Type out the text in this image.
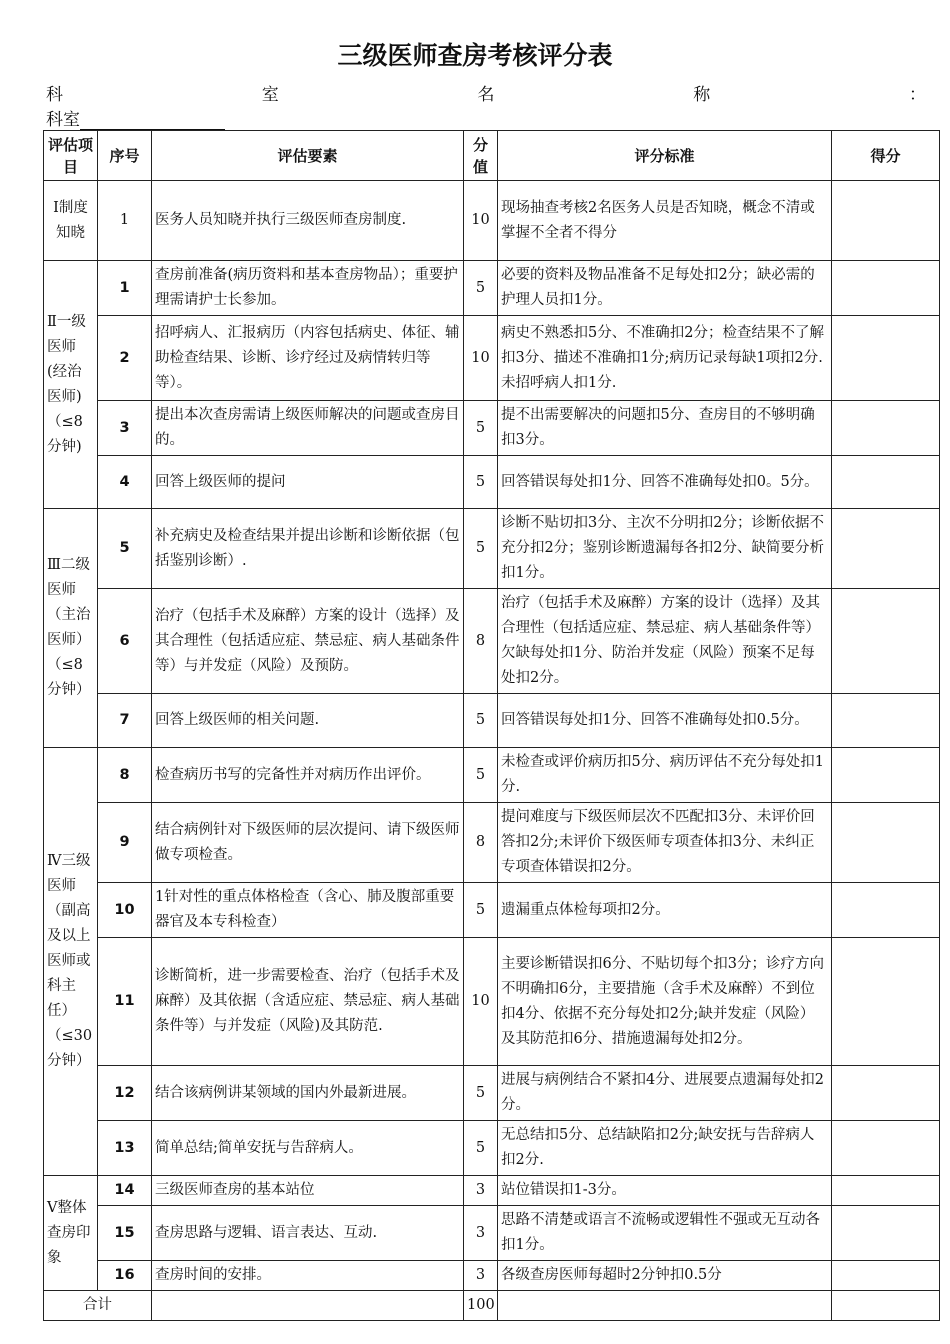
三级医师查房考核评分表
科	室	名	称	：
科室
评估项目	序号	评估要素	分值	评分标准	得分
Ⅰ制度知晓	1	医务人员知晓并执行三级医师查房制度.	10	现场抽查考核2名医务人员是否知晓，概念不清或掌握不全者不得分	
Ⅱ一级医师(经治医师)（≤8分钟)	1	查房前准备(病历资料和基本查房物品）；重要护理需请护士长参加。	5	必要的资料及物品准备不足每处扣2分；缺必需的护理人员扣1分。	
	2	招呼病人、汇报病历（内容包括病史、体征、辅助检查结果、诊断、诊疗经过及病情转归等等）。	10	病史不熟悉扣5分、不准确扣2分；检查结果不了解扣3分、描述不准确扣1分;病历记录每缺1项扣2分.未招呼病人扣1分.	
	3	提出本次查房需请上级医师解决的问题或查房目的。	5	提不出需要解决的问题扣5分、查房目的不够明确扣3分。	
	4	回答上级医师的提问	5	回答错误每处扣1分、回答不准确每处扣0。5分。	
Ⅲ二级医师（主治医师）（≤8分钟）	5	补充病史及检查结果并提出诊断和诊断依据（包括鉴别诊断）.	5	诊断不贴切扣3分、主次不分明扣2分；诊断依据不充分扣2分；鉴别诊断遗漏每各扣2分、缺简要分析扣1分。	
	6	治疗（包括手术及麻醉）方案的设计（选择）及其合理性（包括适应症、禁忌症、病人基础条件等）与并发症（风险）及预防。	8	治疗（包括手术及麻醉）方案的设计（选择）及其合理性（包括适应症、禁忌症、病人基础条件等）欠缺每处扣1分、防治并发症（风险）预案不足每处扣2分。	
	7	回答上级医师的相关问题.	5	回答错误每处扣1分、回答不准确每处扣0.5分。	
Ⅳ三级医师（副高及以上医师或科主任）（≤30分钟）	8	检查病历书写的完备性并对病历作出评价。	5	未检查或评价病历扣5分、病历评估不充分每处扣1分.	
	9	结合病例针对下级医师的层次提问、请下级医师做专项检查。	8	提问难度与下级医师层次不匹配扣3分、未评价回答扣2分;未评价下级医师专项查体扣3分、未纠正专项查体错误扣2分。	
	10	1针对性的重点体格检查（含心、肺及腹部重要器官及本专科检查）	5	遗漏重点体检每项扣2分。	
	11	诊断简析，进一步需要检查、治疗（包括手术及麻醉）及其依据（含适应症、禁忌症、病人基础条件等）与并发症（风险)及其防范.	10	主要诊断错误扣6分、不贴切每个扣3分；诊疗方向不明确扣6分，主要措施（含手术及麻醉）不到位扣4分、依据不充分每处扣2分;缺并发症（风险）及其防范扣6分、措施遗漏每处扣2分。	
	12	结合该病例讲某领域的国内外最新进展。	5	进展与病例结合不紧扣4分、进展要点遗漏每处扣2分。	
	13	简单总结;简单安抚与告辞病人。	5	无总结扣5分、总结缺陷扣2分;缺安抚与告辞病人扣2分.	
Ⅴ整体查房印象	14	三级医师查房的基本站位	3	站位错误扣1-3分。	
	15	查房思路与逻辑、语言表达、互动.	3	思路不清楚或语言不流畅或逻辑性不强或无互动各扣1分。	
	16	查房时间的安排。	3	各级查房医师每超时2分钟扣0.5分	
合计			100		
